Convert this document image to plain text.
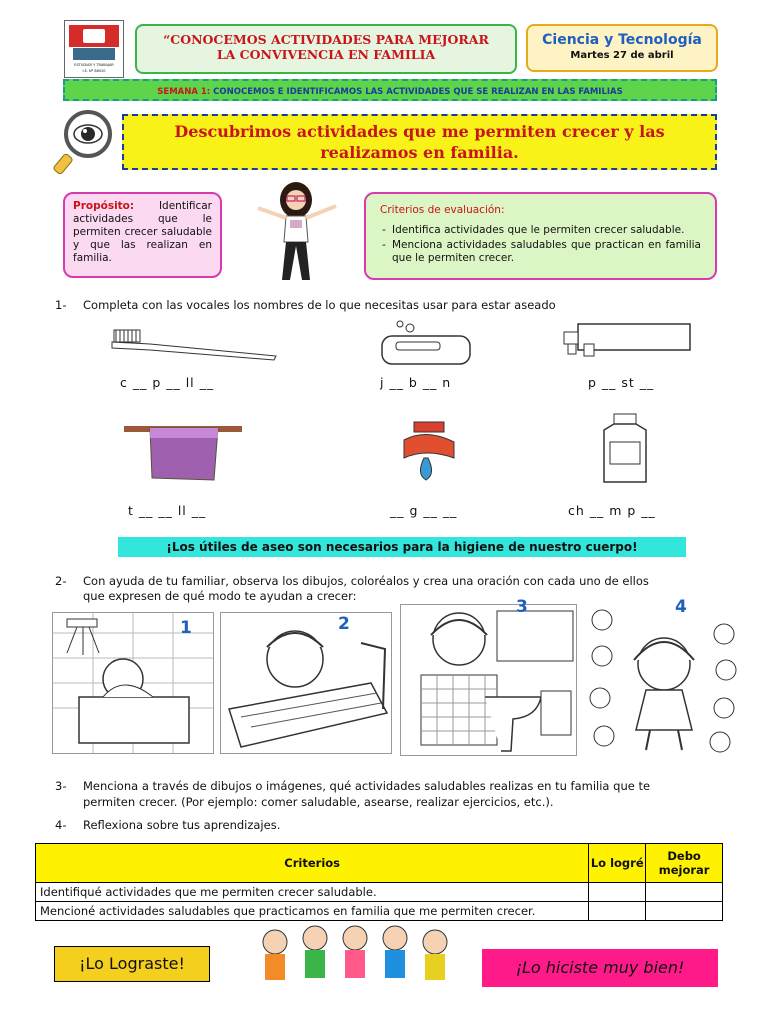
ESTUDIAR Y TRABAJAR
I.E. Nº 86020
“CONOCEMOS ACTIVIDADES PARA MEJORAR
LA CONVIVENCIA EN FAMILIA
Ciencia y Tecnología
Martes 27 de abril
SEMANA 1: CONOCEMOS E IDENTIFICAMOS LAS ACTIVIDADES QUE SE REALIZAN EN LAS FAMILIAS
Descubrimos actividades que me permiten crecer y las
realizamos en familia.
Propósito: Identificar actividades que le permiten crecer saludable y que las realizan en familia.
Criterios de evaluación:
- Identifica actividades que le permiten crecer saludable.
- Menciona actividades saludables que practican en familia que le permiten crecer.
1- Completa con las vocales los nombres de lo que necesitas usar para estar aseado
c __ p __ ll __	j __ b __ n	p __ st __
t __ __ ll __	__ g __ __	ch __ m p __
¡Los útiles de aseo son necesarios para la higiene de nuestro cuerpo!
2- Con ayuda de tu familiar, observa los dibujos, coloréalos y crea una oración con cada uno de ellos
que expresen de qué modo te ayudan a crecer:
1	2
3	4
3- Menciona a través de dibujos o imágenes, qué actividades saludables realizas en tu familia que te
permiten crecer. (Por ejemplo: comer saludable, asearse, realizar ejercicios, etc.).
4- Reflexiona sobre tus aprendizajes.
Criterios	Lo logré	Debo mejorar
Identifiqué actividades que me permiten crecer saludable.		
Mencioné actividades saludables que practicamos en familia que me permiten crecer.		
¡Lo Lograste!	¡Lo hiciste muy bien!
